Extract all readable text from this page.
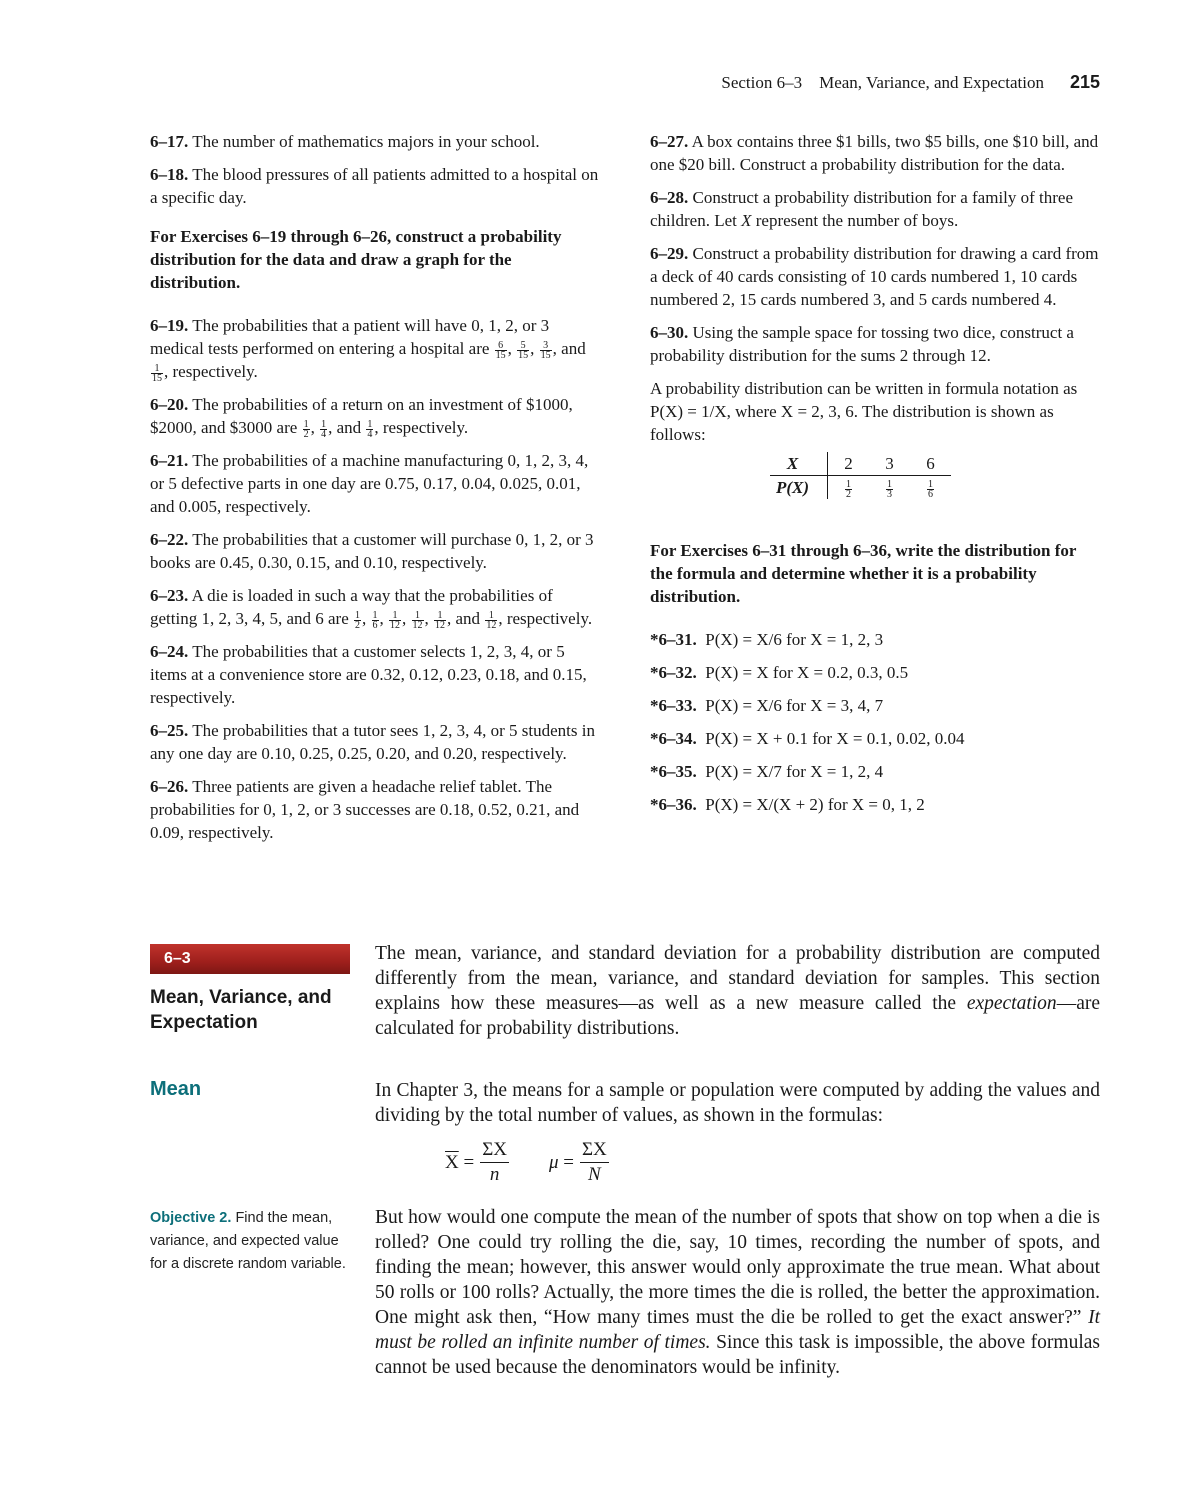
Section 6–3    Mean, Variance, and Expectation 215

6–17. The number of mathematics majors in your school.

6–18. The blood pressures of all patients admitted to a hospital on a specific day.

For Exercises 6–19 through 6–26, construct a probability distribution for the data and draw a graph for the distribution.

6–19. The probabilities that a patient will have 0, 1, 2, or 3 medical tests performed on entering a hospital are $\frac{6}{15}$ , $\frac{5}{15}$ , $\frac{3}{15}$ , and
$\frac{1}{15}$ , respectively.

6–20. The probabilities of a return on an investment of $1000, $2000, and $3000 are $\frac{1}{2}$ , $\frac{1}{4}$ , and $\frac{1}{4}$ , respectively.

6–21. The probabilities of a machine manufacturing 0, 1, 2, 3, 4, or 5 defective parts in one day are 0.75, 0.17, 0.04, 0.025, 0.01, and 0.005, respectively.

6–22. The probabilities that a customer will purchase 0, 1, 2, or 3 books are 0.45, 0.30, 0.15, and 0.10, respectively.

6–23. A die is loaded in such a way that the probabilities of getting 1, 2, 3, 4, 5, and 6 are $\frac{1}{2}$ , $\frac{1}{6}$ , $\frac{1}{12}$ , $\frac{1}{12}$ , $\frac{1}{12}$ , and $\frac{1}{12}$ , respectively.

6–24. The probabilities that a customer selects 1, 2, 3, 4, or 5 items at a convenience store are 0.32, 0.12, 0.23, 0.18, and 0.15, respectively.

6–25. The probabilities that a tutor sees 1, 2, 3, 4, or 5 students in any one day are 0.10, 0.25, 0.25, 0.20, and 0.20, respectively.

6–26. Three patients are given a headache relief tablet. The probabilities for 0, 1, 2, or 3 successes are 0.18, 0.52, 0.21, and 0.09, respectively.

6–27. A box contains three $1 bills, two $5 bills, one $10 bill, and one $20 bill. Construct a probability distribution for the data.

6–28. Construct a probability distribution for a family of three children. Let X represent the number of boys.

6–29. Construct a probability distribution for drawing a card from a deck of 40 cards consisting of 10 cards numbered 1, 10 cards numbered 2, 15 cards numbered 3, and 5 cards numbered 4.

6–30. Using the sample space for tossing two dice, construct a probability distribution for the sums 2 through 12.

A probability distribution can be written in formula notation as P(X) = 1/X, where X = 2, 3, 6. The distribution is shown as follows:

X	2	3	6
P(X)	$\frac{1}{2}$	$\frac{1}{3}$	$\frac{1}{6}$

For Exercises 6–31 through 6–36, write the distribution for the formula and determine whether it is a probability distribution.

*6–31. P(X) = X/6 for X = 1, 2, 3

*6–32. P(X) = X for X = 0.2, 0.3, 0.5

*6–33. P(X) = X/6 for X = 3, 4, 7

*6–34. P(X) = X + 0.1 for X = 0.1, 0.02, 0.04

*6–35. P(X) = X/7 for X = 1, 2, 4

*6–36. P(X) = X/(X + 2) for X = 0, 1, 2

6–3
Mean, Variance, and Expectation
The mean, variance, and standard deviation for a probability distribution are computed differently from the mean, variance, and standard deviation for samples. This section explains how these measures—as well as a new measure called the expectation—are calculated for probability distributions.
Mean	In Chapter 3, the means for a sample or population were computed by adding the values and dividing by the total number of values, as shown in the formulas:
$\overline{X}$ =
ΣX
n
μ =
ΣX
N
Objective 2. Find the mean, variance, and expected value for a discrete random variable.
But how would one compute the mean of the number of spots that show on top when a die is rolled? One could try rolling the die, say, 10 times, recording the number of spots, and finding the mean; however, this answer would only approximate the true mean. What about 50 rolls or 100 rolls? Actually, the more times the die is rolled, the better the approximation. One might ask then, “How many times must the die be rolled to get the exact answer?” It must be rolled an infinite number of times. Since this task is impossible, the above formulas cannot be used because the denominators would be infinity.
